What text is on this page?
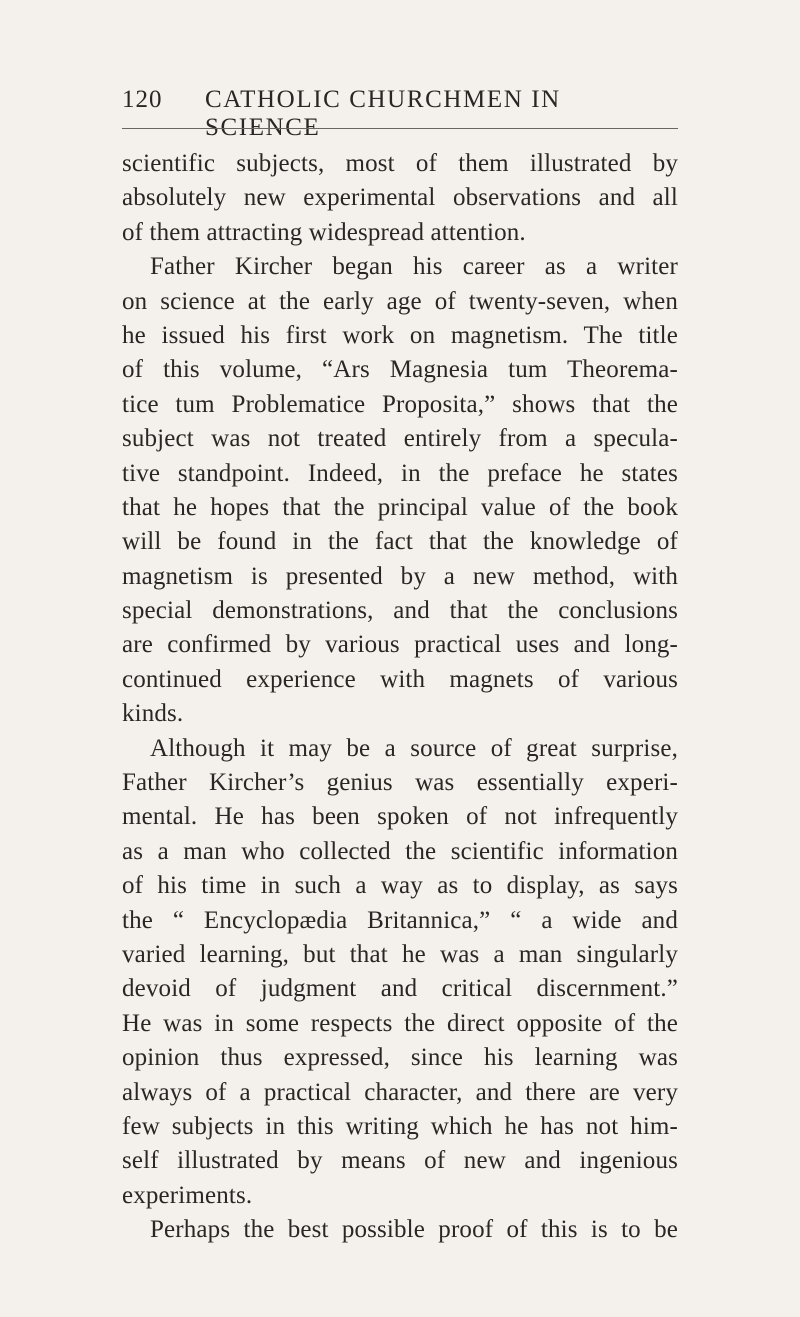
120 CATHOLIC CHURCHMEN IN SCIENCE
scientific subjects, most of them illustrated by
absolutely new experimental observations and all
of them attracting widespread attention.
Father Kircher began his career as a writer
on science at the early age of twenty-seven, when
he issued his first work on magnetism. The title
of this volume, “Ars Magnesia tum Theorema-
tice tum Problematice Proposita,” shows that the
subject was not treated entirely from a specula-
tive standpoint. Indeed, in the preface he states
that he hopes that the principal value of the book
will be found in the fact that the knowledge of
magnetism is presented by a new method, with
special demonstrations, and that the conclusions
are confirmed by various practical uses and long-
continued experience with magnets of various
kinds.
Although it may be a source of great surprise,
Father Kircher’s genius was essentially experi-
mental. He has been spoken of not infrequently
as a man who collected the scientific information
of his time in such a way as to display, as says
the “ Encyclopædia Britannica,” “ a wide and
varied learning, but that he was a man singularly
devoid of judgment and critical discernment.”
He was in some respects the direct opposite of the
opinion thus expressed, since his learning was
always of a practical character, and there are very
few subjects in this writing which he has not him-
self illustrated by means of new and ingenious
experiments.
Perhaps the best possible proof of this is to be
